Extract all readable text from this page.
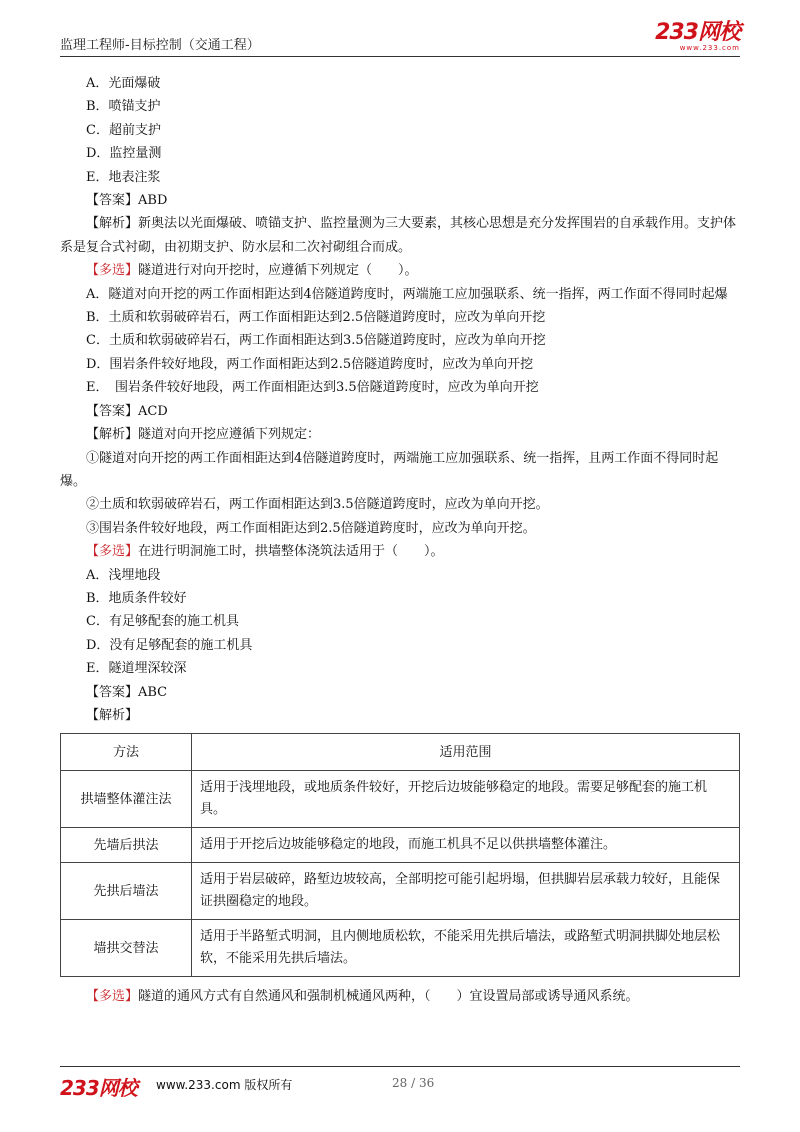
监理工程师-目标控制（交通工程）
233网校
www.233.com
A．光面爆破
B．喷锚支护
C．超前支护
D．监控量测
E．地表注浆
【答案】ABD
【解析】新奥法以光面爆破、喷锚支护、监控量测为三大要素，其核心思想是充分发挥围岩的自承载作用。支护体系是复合式衬砌，由初期支护、防水层和二次衬砌组合而成。
【多选】隧道进行对向开挖时，应遵循下列规定（　　）。
A．隧道对向开挖的两工作面相距达到4倍隧道跨度时，两端施工应加强联系、统一指挥，两工作面不得同时起爆
B．土质和软弱破碎岩石，两工作面相距达到2.5倍隧道跨度时，应改为单向开挖
C．土质和软弱破碎岩石，两工作面相距达到3.5倍隧道跨度时，应改为单向开挖
D．围岩条件较好地段，两工作面相距达到2.5倍隧道跨度时，应改为单向开挖
E．　围岩条件较好地段，两工作面相距达到3.5倍隧道跨度时，应改为单向开挖
【答案】ACD
【解析】隧道对向开挖应遵循下列规定：
①隧道对向开挖的两工作面相距达到4倍隧道跨度时，两端施工应加强联系、统一指挥，且两工作面不得同时起爆。
②土质和软弱破碎岩石，两工作面相距达到3.5倍隧道跨度时，应改为单向开挖。
③围岩条件较好地段，两工作面相距达到2.5倍隧道跨度时，应改为单向开挖。
【多选】在进行明洞施工时，拱墙整体浇筑法适用于（　　）。
A．浅埋地段
B．地质条件较好
C．有足够配套的施工机具
D．没有足够配套的施工机具
E．隧道埋深较深
【答案】ABC
【解析】
方法	适用范围
拱墙整体灌注法	适用于浅埋地段，或地质条件较好，开挖后边坡能够稳定的地段。需要足够配套的施工机具。
先墙后拱法	适用于开挖后边坡能够稳定的地段，而施工机具不足以供拱墙整体灌注。
先拱后墙法	适用于岩层破碎，路堑边坡较高，全部明挖可能引起坍塌，但拱脚岩层承载力较好，且能保证拱圈稳定的地段。
墙拱交替法	适用于半路堑式明洞，且内侧地质松软，不能采用先拱后墙法，或路堑式明洞拱脚处地层松软，不能采用先拱后墙法。
【多选】隧道的通风方式有自然通风和强制机械通风两种，（　　）宜设置局部或诱导通风系统。
233网校 www.233.com 版权所有	28 / 36
